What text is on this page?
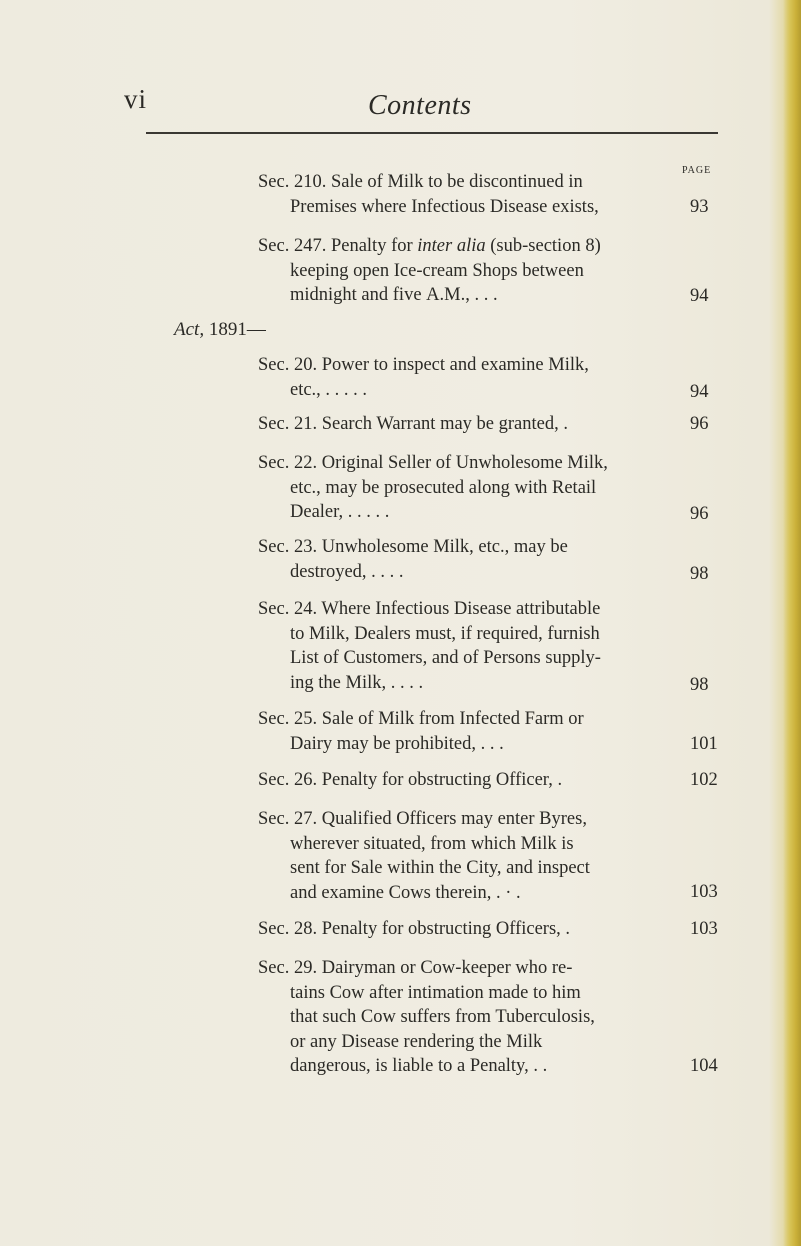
vi	Contents
PAGE
Sec. 210. Sale of Milk to be discontinued in
Premises where Infectious Disease exists,	93
Sec. 247. Penalty for inter alia (sub-section 8)
keeping open Ice-cream Shops between
midnight and five A.M., . . .	94
Act, 1891—
Sec. 20. Power to inspect and examine Milk,
etc., . . . . .	94
Sec. 21. Search Warrant may be granted, .	96
Sec. 22. Original Seller of Unwholesome Milk,
etc., may be prosecuted along with Retail
Dealer, . . . . .	96
Sec. 23. Unwholesome Milk, etc., may be
destroyed, . . . .	98
Sec. 24. Where Infectious Disease attributable
to Milk, Dealers must, if required, furnish
List of Customers, and of Persons supply-
ing the Milk, . . . .	98
Sec. 25. Sale of Milk from Infected Farm or
Dairy may be prohibited, . . .	101
Sec. 26. Penalty for obstructing Officer, .	102
Sec. 27. Qualified Officers may enter Byres,
wherever situated, from which Milk is
sent for Sale within the City, and inspect
and examine Cows therein, . · .	103
Sec. 28. Penalty for obstructing Officers, .	103
Sec. 29. Dairyman or Cow-keeper who re-
tains Cow after intimation made to him
that such Cow suffers from Tuberculosis,
or any Disease rendering the Milk
dangerous, is liable to a Penalty, . .	104
